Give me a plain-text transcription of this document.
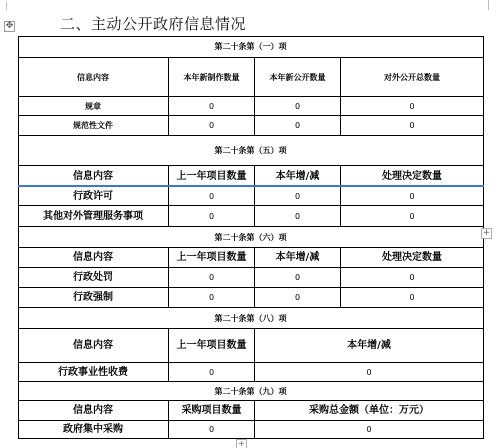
✥	二、主动公开政府信息情况
第二十条第（一）项
信息内容	本年新制作数量	本年新公开数量	对外公开总数量
规章	0	0	0
规范性文件	0	0	0
第二十条第（五）项
信息内容	上一年项目数量	本年增/减	处理决定数量
行政许可	0	0	0
其他对外管理服务事项	0	0	0
第二十条第（六）项
信息内容	上一年项目数量	本年增/减	处理决定数量
行政处罚	0	0	0
行政强制	0	0	0
第二十条第（八）项
信息内容	上一年项目数量	本年增/减
行政事业性收费	0	0
第二十条第（九）项
信息内容	采购项目数量	采购总金额（单位：万元）
政府集中采购	0	0
+
+
